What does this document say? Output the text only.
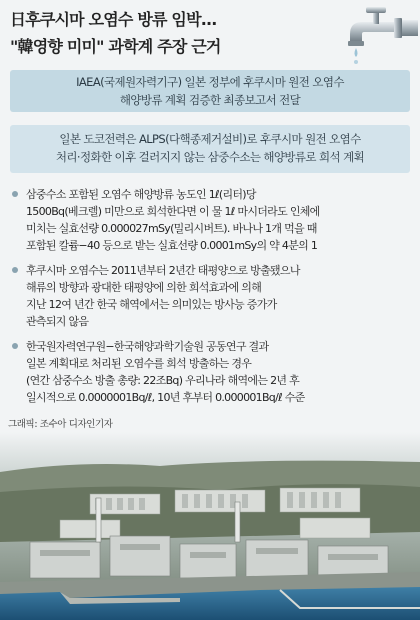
日후쿠시마 오염수 방류 임박...
"韓영향 미미" 과학계 주장 근거
IAEA(국제원자력기구) 일본 정부에 후쿠시마 원전 오염수
해양방류 계획 검증한 최종보고서 전달
일본 도코전력은 ALPS(다핵종제거설비)로 후쿠시마 원전 오염수
처리·정화한 이후 걸러지지 않는 삼중수소는 해양방류로 희석 계획
삼중수소 포함된 오염수 해양방류 농도인 1ℓ(리터)당
1500Bq(베크렐) 미만으로 희석한다면 이 물 1ℓ 마시더라도 인체에
미치는 실효선량 0.000027mSy(밀리시버트). 바나나 1개 먹을 때
포함된 칼륨−40 등으로 받는 실효선량 0.0001mSy의 약 4분의 1
후쿠시마 오염수는 2011년부터 2년간 태평양으로 방출됐으나
해류의 방향과 광대한 태평양에 의한 희석효과에 의해
지난 12여 년간 한국 해역에서는 의미있는 방사능 증가가
관측되지 않음
한국원자력연구원−한국해양과학기술원 공동연구 결과
일본 계획대로 처리된 오염수를 희석 방출하는 경우
(연간 삼중수소 방출 총량: 22조Bq) 우리나라 해역에는 2년 후
일시적으로 0.0000001Bq/ℓ, 10년 후부터 0.000001Bq/ℓ 수준
그래픽: 조수아 디자인기자
